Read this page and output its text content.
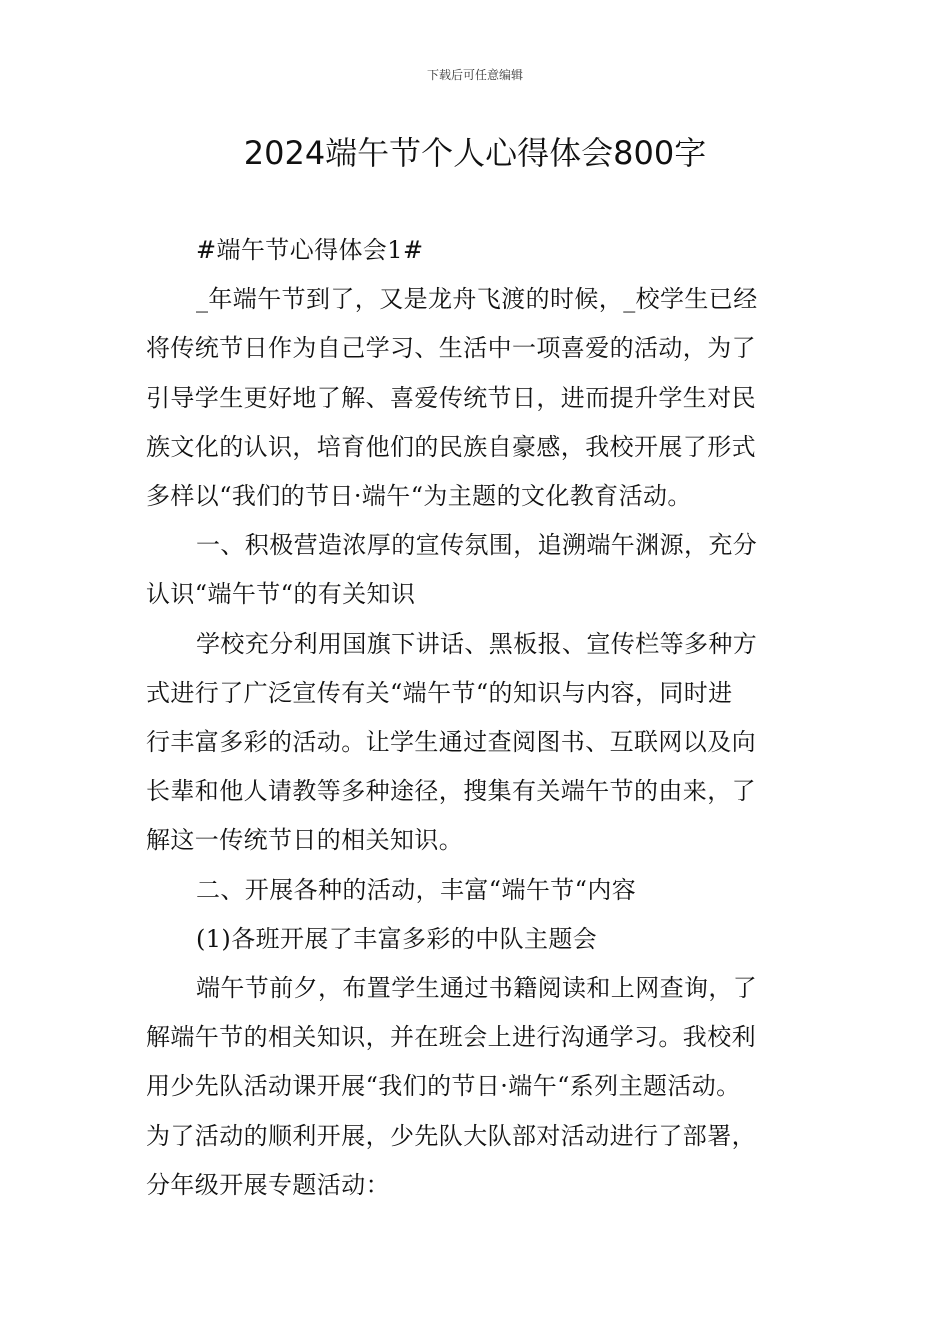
下载后可任意编辑
2024端午节个人心得体会800字

#端午节心得体会1#

_年端午节到了，又是龙舟飞渡的时候，_校学生已经
将传统节日作为自己学习、生活中一项喜爱的活动，为了
引导学生更好地了解、喜爱传统节日，进而提升学生对民
族文化的认识，培育他们的民族自豪感，我校开展了形式
多样以“我们的节日·端午“为主题的文化教育活动。

一、积极营造浓厚的宣传氛围，追溯端午渊源，充分
认识“端午节“的有关知识

学校充分利用国旗下讲话、黑板报、宣传栏等多种方
式进行了广泛宣传有关“端午节“的知识与内容，同时进
行丰富多彩的活动。让学生通过查阅图书、互联网以及向
长辈和他人请教等多种途径，搜集有关端午节的由来，了
解这一传统节日的相关知识。

二、开展各种的活动，丰富“端午节“内容

(1)各班开展了丰富多彩的中队主题会

端午节前夕，布置学生通过书籍阅读和上网查询，了
解端午节的相关知识，并在班会上进行沟通学习。我校利
用少先队活动课开展“我们的节日·端午“系列主题活动。
为了活动的顺利开展，少先队大队部对活动进行了部署，
分年级开展专题活动：
